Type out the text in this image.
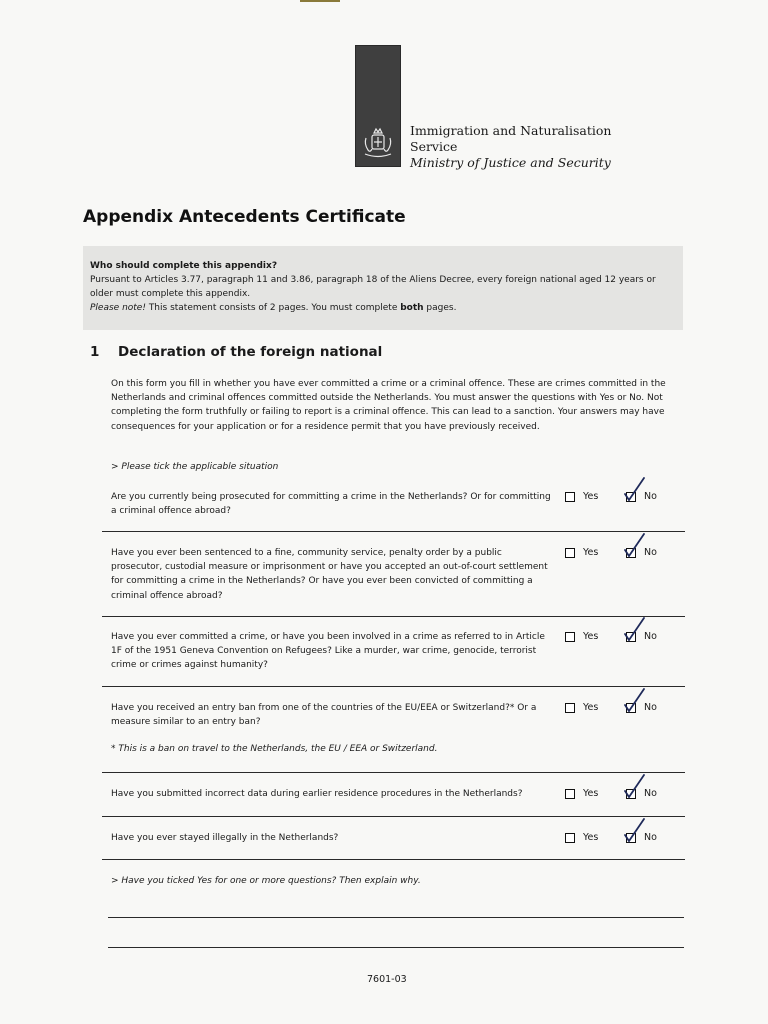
Immigration and Naturalisation
Service
Ministry of Justice and Security
Appendix Antecedents Certificate
Who should complete this appendix?
Pursuant to Articles 3.77, paragraph 11 and 3.86, paragraph 18 of the Aliens Decree, every foreign national aged 12 years or older must complete this appendix.
Please note! This statement consists of 2 pages. You must complete both pages.
1 Declaration of the foreign national
On this form you fill in whether you have ever committed a crime or a criminal offence. These are crimes committed in the Netherlands and criminal offences committed outside the Netherlands. You must answer the questions with Yes or No. Not completing the form truthfully or failing to report is a criminal offence. This can lead to a sanction. Your answers may have consequences for your application or for a residence permit that you have previously received.
> Please tick the applicable situation
Are you currently being prosecuted for committing a crime in the Netherlands? Or for committing a criminal offence abroad?
Yes	No
Have you ever been sentenced to a fine, community service, penalty order by a public prosecutor, custodial measure or imprisonment or have you accepted an out-of-court settlement for committing a crime in the Netherlands? Or have you ever been convicted of committing a criminal offence abroad?
Yes	No
Have you ever committed a crime, or have you been involved in a crime as referred to in Article 1F of the 1951 Geneva Convention on Refugees? Like a murder, war crime, genocide, terrorist crime or crimes against humanity?
Yes	No
Have you received an entry ban from one of the countries of the EU/EEA or Switzerland?* Or a measure similar to an entry ban?
Yes	No
* This is a ban on travel to the Netherlands, the EU / EEA or Switzerland.
Have you submitted incorrect data during earlier residence procedures in the Netherlands?	Yes	No
Have you ever stayed illegally in the Netherlands?	Yes	No
> Have you ticked Yes for one or more questions? Then explain why.
7601-03
